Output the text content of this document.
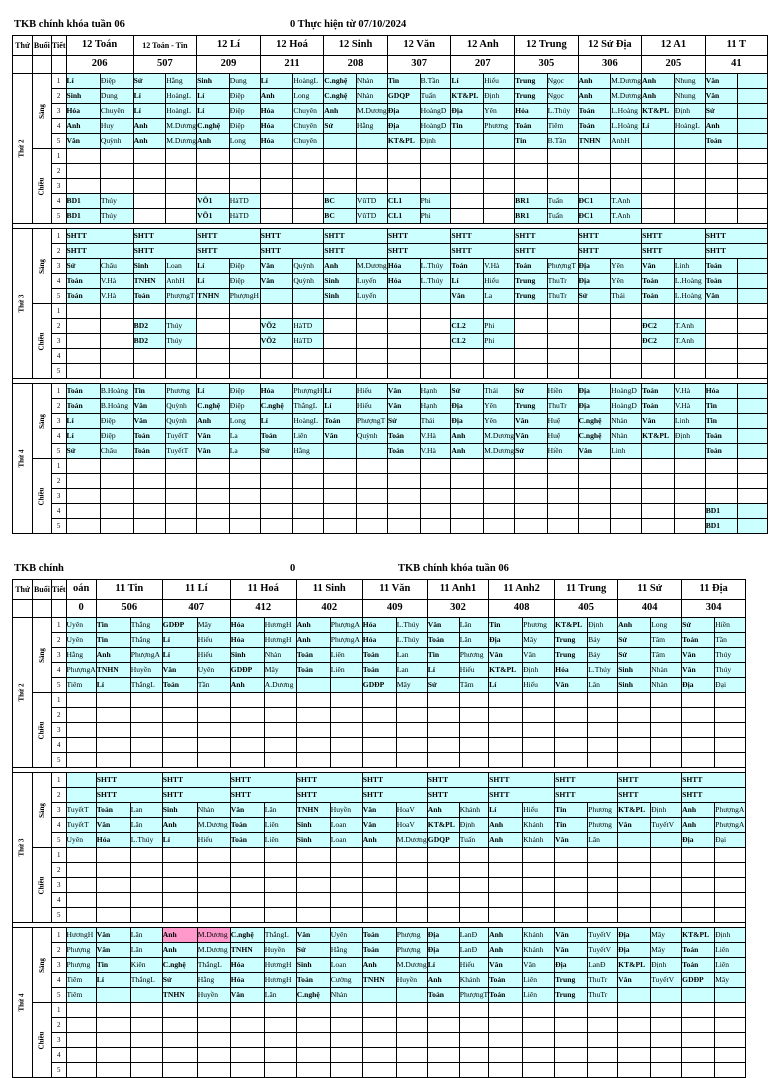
TKB chính khóa tuần 06	0 Thực hiện từ 07/10/2024
Thứ	Buổi	Tiết	12 Toán		12 Toán - Tin		12 Lí		12 Hoá		12 Sinh		12 Văn		12 Anh		12 Trung		12 Sử Địa		12 A1		11 T	
			206		507		209		211		208		307		207		305		306		205		41	
Thứ 2	Sáng	1	Lí	Điệp	Sử	Hằng	Sinh	Dung	Lí	HoàngL	C.nghệ	Nhàn	Tin	B.Tần	Lí	Hiếu	Trung	Ngọc	Anh	M.Dương	Anh	Nhung	Văn	
		2	Sinh	Dung	Lí	HoàngL	Lí	Điệp	Anh	Long	C.nghệ	Nhàn	GDQP	Tuấn	KT&PL	Định	Trung	Ngọc	Anh	M.Dương	Anh	Nhung	Văn	
		3	Hóa	Chuyên	Lí	HoàngL	Lí	Điệp	Hóa	Chuyên	Anh	M.Dương	Địa	HoàngD	Địa	Yên	Hóa	L.Thúy	Toán	L.Hoàng	KT&PL	Định	Sử	
		4	Anh	Huy	Anh	M.Dương	C.nghệ	Điệp	Hóa	Chuyên	Sử	Hằng	Địa	HoàngD	Tin	Phương	Toán	Tiêm	Toán	L.Hoàng	Lí	HoàngL	Anh	
		5	Văn	Quỳnh	Anh	M.Dương	Anh	Long	Hóa	Chuyên			KT&PL	Định			Tin	B.Tần	TNHN	AnhH			Toán	
	Chiều	1																						
		2																						
		3																						
		4	BD1	Thúy			VÕ1	HàTD			BC	VũTD	CL1	Phi			BR1	Tuấn	ĐC1	T.Anh				
		5	BD1	Thúy			VÕ1	HàTD			BC	VũTD	CL1	Phi			BR1	Tuấn	ĐC1	T.Anh				

Thứ 3	Sáng	1	SHTT		SHTT		SHTT		SHTT		SHTT		SHTT		SHTT		SHTT		SHTT		SHTT		SHTT	
		2	SHTT		SHTT		SHTT		SHTT		SHTT		SHTT		SHTT		SHTT		SHTT		SHTT		SHTT	
		3	Sử	Châu	Sinh	Loan	Lí	Điệp	Văn	Quỳnh	Anh	M.Dương	Hóa	L.Thúy	Toán	V.Hà	Toán	PhượngT	Địa	Yên	Văn	Linh	Toán	
		4	Toán	V.Hà	TNHN	AnhH	Lí	Điệp	Văn	Quỳnh	Sinh	Luyến	Hóa	L.Thúy	Lí	Hiếu	Trung	ThuTr	Địa	Yên	Toán	L.Hoàng	Toán	
		5	Toán	V.Hà	Toán	PhượngT	TNHN	PhượngH			Sinh	Luyến			Văn	La	Trung	ThuTr	Sử	Thái	Toán	L.Hoàng	Văn	
	Chiều	1																						
		2			BD2	Thúy			VÕ2	HàTD					CL2	Phi					ĐC2	T.Anh		
		3			BD2	Thúy			VÕ2	HàTD					CL2	Phi					ĐC2	T.Anh		
		4																						
		5																						

Thứ 4	Sáng	1	Toán	B.Hoàng	Tin	Phương	Lí	Điệp	Hóa	PhượngH	Lí	Hiếu	Văn	Hạnh	Sử	Thái	Sử	Hiền	Địa	HoàngD	Toán	V.Hà	Hóa	
		2	Toán	B.Hoàng	Văn	Quỳnh	C.nghệ	Điệp	C.nghệ	ThắngL	Lí	Hiếu	Văn	Hạnh	Địa	Yên	Trung	ThuTr	Địa	HoàngD	Toán	V.Hà	Tin	
		3	Lí	Điệp	Văn	Quỳnh	Anh	Long	Lí	HoàngL	Toán	PhượngT	Sử	Thái	Địa	Yên	Văn	Huệ	C.nghệ	Nhàn	Văn	Linh	Tin	
		4	Lí	Điệp	Toán	TuyếtT	Văn	La	Toán	Liên	Văn	Quỳnh	Toán	V.Hà	Anh	M.Dương	Văn	Huệ	C.nghệ	Nhàn	KT&PL	Định	Toán	
		5	Sử	Châu	Toán	TuyếtT	Văn	La	Sử	Hằng			Toán	V.Hà	Anh	M.Dương	Sử	Hiền	Văn	Linh			Toán	
	Chiều	1																						
		2																						
		3																						
		4																					BD1	
		5																					BD1	
TKB chính	0	TKB chính khóa tuần 06
Thứ	Buổi	Tiết	oán	11 Tin		11 Lí		11 Hoá		11 Sinh		11 Văn		11 Anh1		11 Anh2		11 Trung		11 Sử		11 Địa	
			0	506		407		412		402		409		302		408		405		404		304	
Thứ 2	Sáng	1	Uyên	Tin	Thắng	GDĐP	Mây	Hóa	HươngH	Anh	PhượngA	Hóa	L.Thúy	Văn	Lân	Tin	Phương	KT&PL	Định	Anh	Long	Sử	Hiền
		2	Uyên	Tin	Thắng	Lí	Hiếu	Hóa	HươngH	Anh	PhượngA	Hóa	L.Thúy	Toán	Lân	Địa	Mây	Trung	Bảy	Sử	Tâm	Toán	Tần
		3	Hằng	Anh	PhượngA	Lí	Hiếu	Sinh	Nhàn	Toán	Liên	Toán	Lan	Tin	Phương	Văn	Vân	Trung	Bảy	Sử	Tâm	Văn	Thúy
		4	PhượngA	TNHN	Huyền	Văn	Uyên	GDĐP	Mây	Toán	Liên	Toán	Lan	Lí	Hiếu	KT&PL	Định	Hóa	L.Thúy	Sinh	Nhàn	Văn	Thúy
		5	Tiêm	Lí	ThắngL	Toán	Tần	Anh	A.Dương			GDĐP	Mây	Sử	Tâm	Lí	Hiếu	Văn	Lân	Sinh	Nhàn	Địa	Đại
	Chiều	1																					
		2																					
		3																					
		4																					
		5																					

Thứ 3	Sáng	1		SHTT		SHTT		SHTT		SHTT		SHTT		SHTT		SHTT		SHTT		SHTT		SHTT	
		2		SHTT		SHTT		SHTT		SHTT		SHTT		SHTT		SHTT		SHTT		SHTT		SHTT	
		3	TuyếtT	Toán	Lan	Sinh	Nhàn	Văn	Lân	TNHN	Huyền	Văn	HoaV	Anh	Khánh	Lí	Hiếu	Tin	Phương	KT&PL	Định	Anh	PhượngA
		4	TuyếtT	Văn	Lân	Anh	M.Dương	Toán	Liên	Sinh	Loan	Văn	HoaV	KT&PL	Định	Anh	Khánh	Tin	Phương	Văn	TuyếtV	Anh	PhượngA
		5	Uyên	Hóa	L.Thúy	Lí	Hiếu	Toán	Liên	Sinh	Loan	Anh	M.Dương	GDQP	Tuấn	Anh	Khánh	Văn	Lân			Địa	Đại
	Chiều	1																					
		2																					
		3																					
		4																					
		5																					

Thứ 4	Sáng	1	HươngH	Văn	Lân	Anh	M.Dương	C.nghệ	ThắngL	Văn	Uyên	Toán	Phượng	Địa	LanĐ	Anh	Khánh	Văn	TuyếtV	Địa	Mây	KT&PL	Định
		2	Phượng	Văn	Lân	Anh	M.Dương	TNHN	Huyền	Sử	Hằng	Toán	Phượng	Địa	LanĐ	Anh	Khánh	Văn	TuyếtV	Địa	Mây	Toán	Liên
		3	Phượng	Tin	Kiên	C.nghệ	ThắngL	Hóa	HươngH	Sinh	Loan	Anh	M.Dương	Lí	Hiếu	Văn	Vân	Địa	LanĐ	KT&PL	Định	Toán	Liên
		4	Tiêm	Lí	ThắngL	Sử	Hằng	Hóa	HươngH	Toán	Cường	TNHN	Huyền	Anh	Khánh	Toán	Liên	Trung	ThuTr	Văn	TuyếtV	GDĐP	Mây
		5	Tiêm			TNHN	Huyền	Văn	Lân	C.nghệ	Nhàn			Toán	PhượngT	Toán	Liên	Trung	ThuTr				
	Chiều	1																					
		2																					
		3																					
		4																					
		5																					
